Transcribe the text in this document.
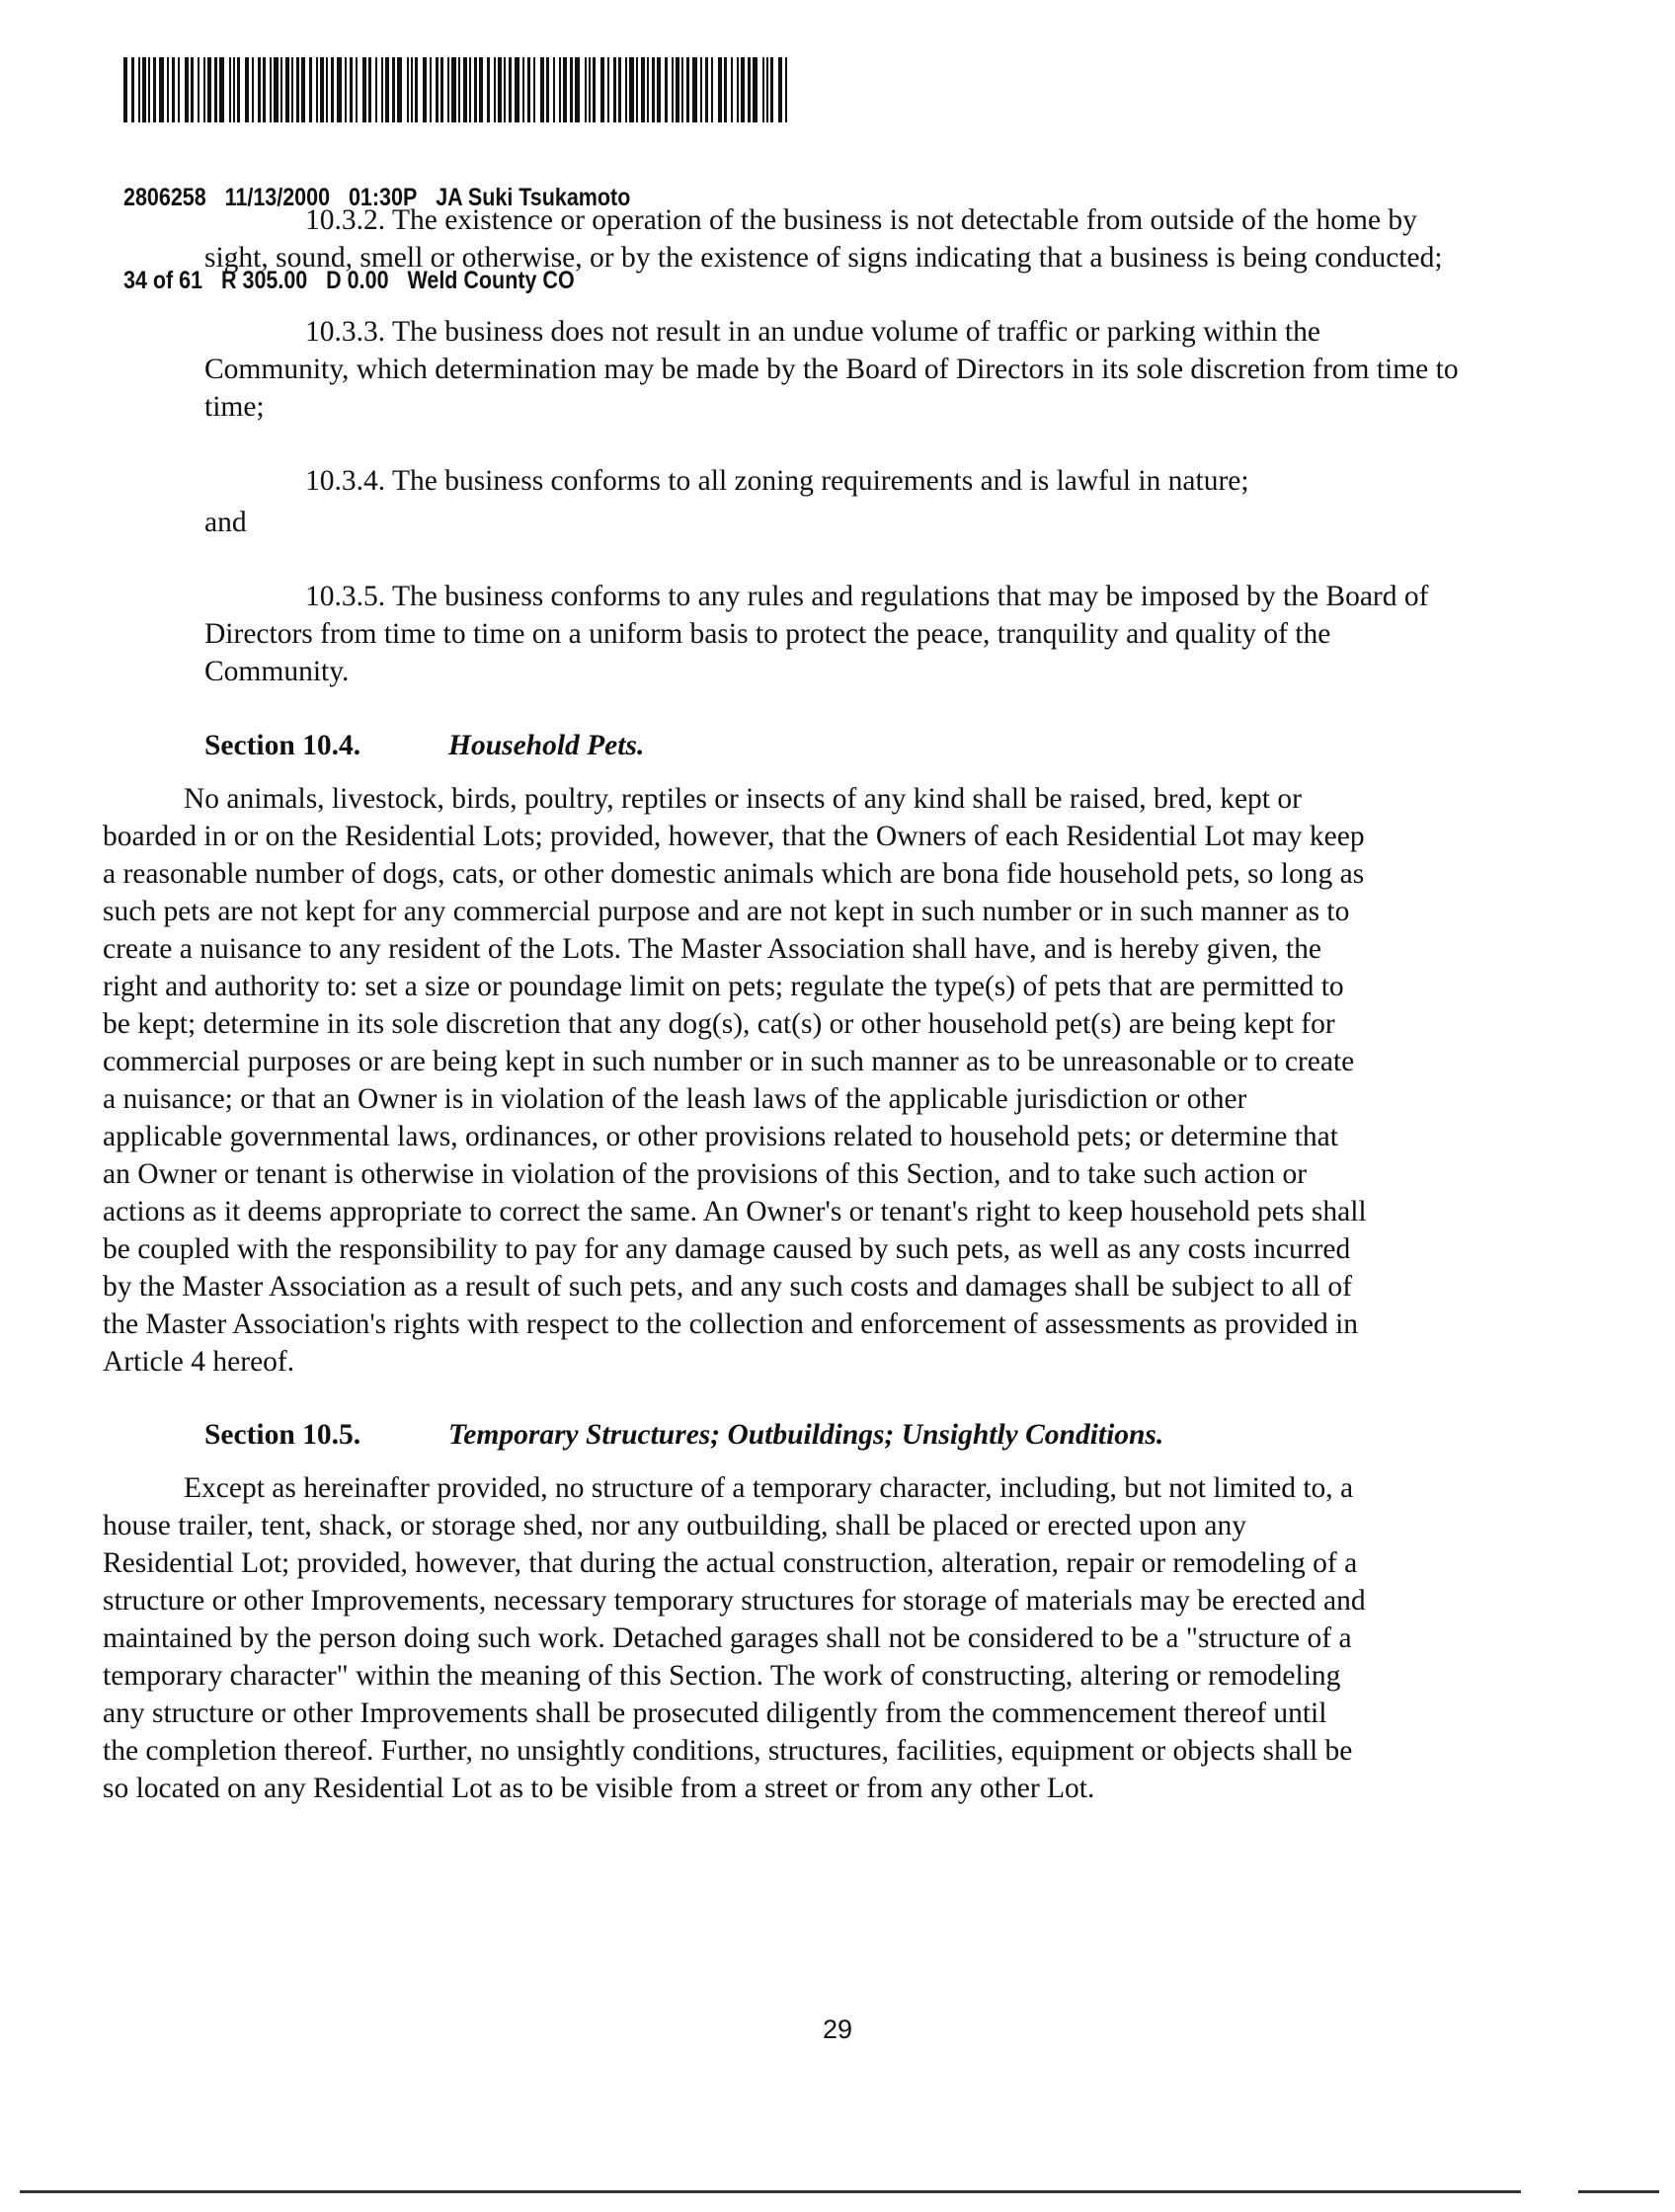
2806258 11/13/2000 01:30P JA Suki Tsukamoto

34 of 61 R 305.00 D 0.00 Weld County CO

10.3.2. The existence or operation of the business is not detectable from outside of the home by sight, sound, smell or otherwise, or by the existence of signs indicating that a business is being conducted;

10.3.3. The business does not result in an undue volume of traffic or parking within the Community, which determination may be made by the Board of Directors in its sole discretion from time to time;

10.3.4. The business conforms to all zoning requirements and is lawful in nature;

and

10.3.5. The business conforms to any rules and regulations that may be imposed by the Board of Directors from time to time on a uniform basis to protect the peace, tranquility and quality of the Community.

Section 10.4.	Household Pets.

No animals, livestock, birds, poultry, reptiles or insects of any kind shall be raised, bred, kept or boarded in or on the Residential Lots; provided, however, that the Owners of each Residential Lot may keep a reasonable number of dogs, cats, or other domestic animals which are bona fide household pets, so long as such pets are not kept for any commercial purpose and are not kept in such number or in such manner as to create a nuisance to any resident of the Lots. The Master Association shall have, and is hereby given, the right and authority to: set a size or poundage limit on pets; regulate the type(s) of pets that are permitted to be kept; determine in its sole discretion that any dog(s), cat(s) or other household pet(s) are being kept for commercial purposes or are being kept in such number or in such manner as to be unreasonable or to create a nuisance; or that an Owner is in violation of the leash laws of the applicable jurisdiction or other applicable governmental laws, ordinances, or other provisions related to household pets; or determine that an Owner or tenant is otherwise in violation of the provisions of this Section, and to take such action or actions as it deems appropriate to correct the same. An Owner's or tenant's right to keep household pets shall be coupled with the responsibility to pay for any damage caused by such pets, as well as any costs incurred by the Master Association as a result of such pets, and any such costs and damages shall be subject to all of the Master Association's rights with respect to the collection and enforcement of assessments as provided in Article 4 hereof.

Section 10.5.	Temporary Structures; Outbuildings; Unsightly Conditions.

Except as hereinafter provided, no structure of a temporary character, including, but not limited to, a house trailer, tent, shack, or storage shed, nor any outbuilding, shall be placed or erected upon any Residential Lot; provided, however, that during the actual construction, alteration, repair or remodeling of a structure or other Improvements, necessary temporary structures for storage of materials may be erected and maintained by the person doing such work. Detached garages shall not be considered to be a "structure of a temporary character" within the meaning of this Section. The work of constructing, altering or remodeling any structure or other Improvements shall be prosecuted diligently from the commencement thereof until the completion thereof. Further, no unsightly conditions, structures, facilities, equipment or objects shall be so located on any Residential Lot as to be visible from a street or from any other Lot.

29
